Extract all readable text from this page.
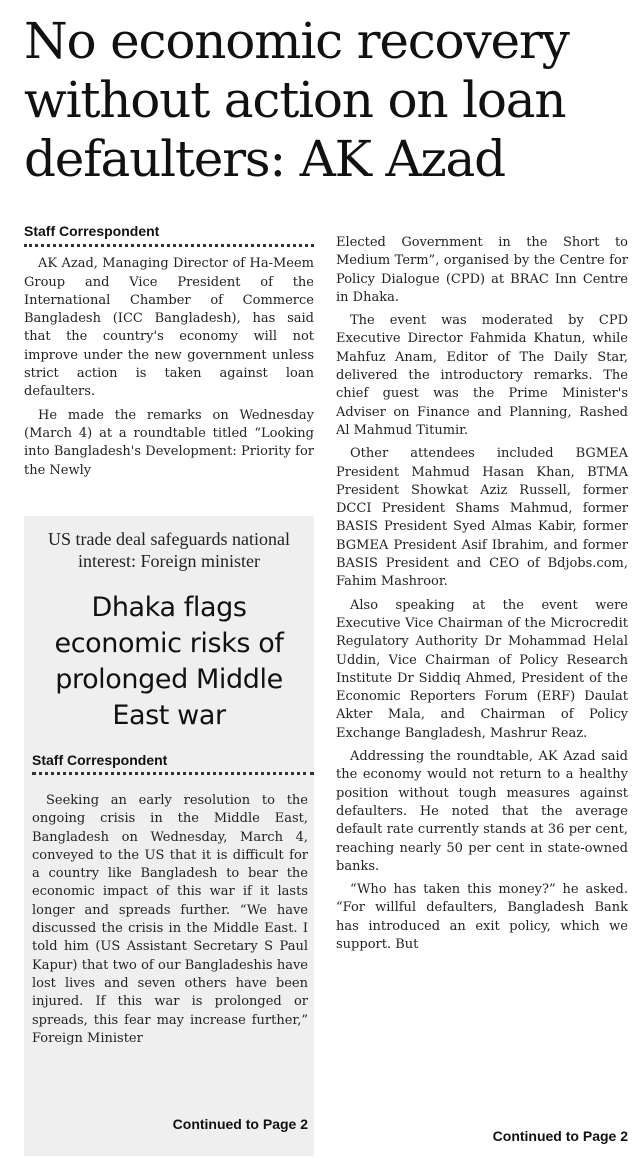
No economic recovery
without action on loan
defaulters: AK Azad
Staff Correspondent

AK Azad, Managing Director of Ha-Meem Group and Vice President of the International Chamber of Commerce Bangladesh (ICC Bangladesh), has said that the country's economy will not improve under the new government unless strict action is taken against loan defaulters.

He made the remarks on Wednesday (March 4) at a roundtable titled “Looking into Bangladesh's Development: Priority for the Newly

US trade deal safeguards national interest: Foreign minister
Dhaka flags economic risks of prolonged Middle East war
Staff Correspondent

Seeking an early resolution to the ongoing crisis in the Middle East, Bangladesh on Wednesday, March 4, conveyed to the US that it is difficult for a country like Bangladesh to bear the economic impact of this war if it lasts longer and spreads further. “We have discussed the crisis in the Middle East. I told him (US Assistant Secretary S Paul Kapur) that two of our Bangladeshis have lost lives and seven others have been injured. If this war is prolonged or spreads, this fear may increase further,” Foreign Minister

Continued to Page 2

Elected Government in the Short to Medium Term”, organised by the Centre for Policy Dialogue (CPD) at BRAC Inn Centre in Dhaka.

The event was moderated by CPD Executive Director Fahmida Khatun, while Mahfuz Anam, Editor of The Daily Star, delivered the introductory remarks. The chief guest was the Prime Minister's Adviser on Finance and Planning, Rashed Al Mahmud Titumir.

Other attendees included BGMEA President Mahmud Hasan Khan, BTMA President Showkat Aziz Russell, former DCCI President Shams Mahmud, former BASIS President Syed Almas Kabir, former BGMEA President Asif Ibrahim, and former BASIS President and CEO of Bdjobs.com, Fahim Mashroor.

Also speaking at the event were Executive Vice Chairman of the Microcredit Regulatory Authority Dr Mohammad Helal Uddin, Vice Chairman of Policy Research Institute Dr Siddiq Ahmed, President of the Economic Reporters Forum (ERF) Daulat Akter Mala, and Chairman of Policy Exchange Bangladesh, Mashrur Reaz.

Addressing the roundtable, AK Azad said the economy would not return to a healthy position without tough measures against defaulters. He noted that the average default rate currently stands at 36 per cent, reaching nearly 50 per cent in state-owned banks.

“Who has taken this money?” he asked. “For willful defaulters, Bangladesh Bank has introduced an exit policy, which we support. But

Continued to Page 2
